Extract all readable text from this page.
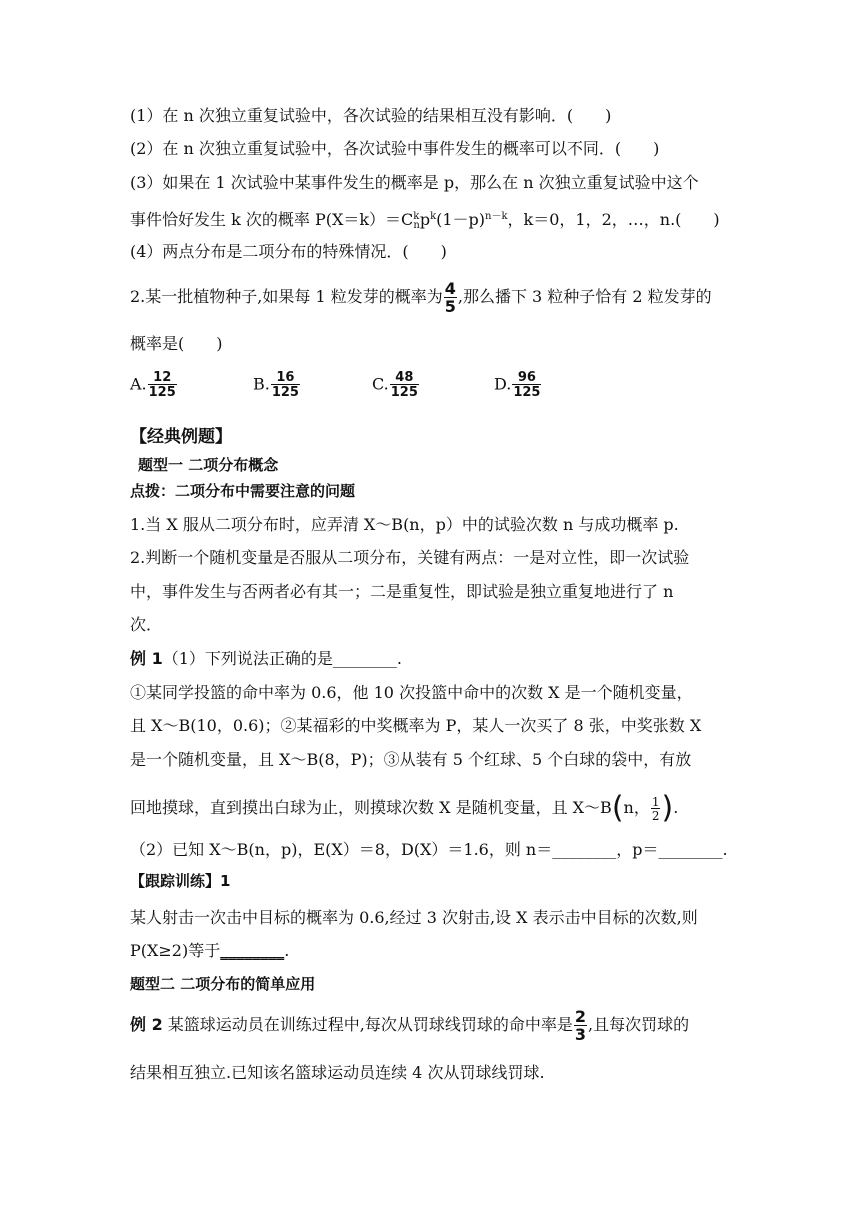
(1）在 n 次独立重复试验中，各次试验的结果相互没有影响．(　　)
(2）在 n 次独立重复试验中，各次试验中事件发生的概率可以不同．(　　)
(3）如果在 1 次试验中某事件发生的概率是 p，那么在 n 次独立重复试验中这个
事件恰好发生 k 次的概率 $P(X=k)=C^k_np^k(1-p)^{n-k}$，k＝0，1，2，…，n.(　　)
(4）两点分布是二项分布的特殊情况．(　　)
2.某一批植物种子,如果每 1 粒发芽的概率为 $\frac{4}{5}$ ,那么播下 3 粒种子恰有 2 粒发芽的
概率是(　　)
A. $\frac{12}{125}$	B. $\frac{16}{125}$	C. $\frac{48}{125}$	D. $\frac{96}{125}$
【经典例题】
题型一 二项分布概念
点拨：二项分布中需要注意的问题
1.当 X 服从二项分布时，应弄清 X～B(n，p）中的试验次数 n 与成功概率 p.
2.判断一个随机变量是否服从二项分布，关键有两点：一是对立性，即一次试验
中，事件发生与否两者必有其一；二是重复性，即试验是独立重复地进行了 n
次．
例 1（1）下列说法正确的是________.
①某同学投篮的命中率为 0.6，他 10 次投篮中命中的次数 X 是一个随机变量，
且 X～B(10，0.6)；②某福彩的中奖概率为 P，某人一次买了 8 张，中奖张数 X
是一个随机变量，且 X～B(8，P)；③从装有 5 个红球、5 个白球的袋中，有放
回地摸球，直到摸出白球为止，则摸球次数 X 是随机变量，且 X～B(n， $\frac{1}{2}$ ).
（2）已知 X～B(n，p)，E(X）＝8，D(X）＝1.6，则 n＝________，p＝________.
【跟踪训练】1
某人射击一次击中目标的概率为 0.6,经过 3 次射击,设 X 表示击中目标的次数,则
P(X≥2)等于________.
题型二 二项分布的简单应用
例 2 某篮球运动员在训练过程中,每次从罚球线罚球的命中率是 $\frac{2}{3}$ ,且每次罚球的
结果相互独立.已知该名篮球运动员连续 4 次从罚球线罚球.
